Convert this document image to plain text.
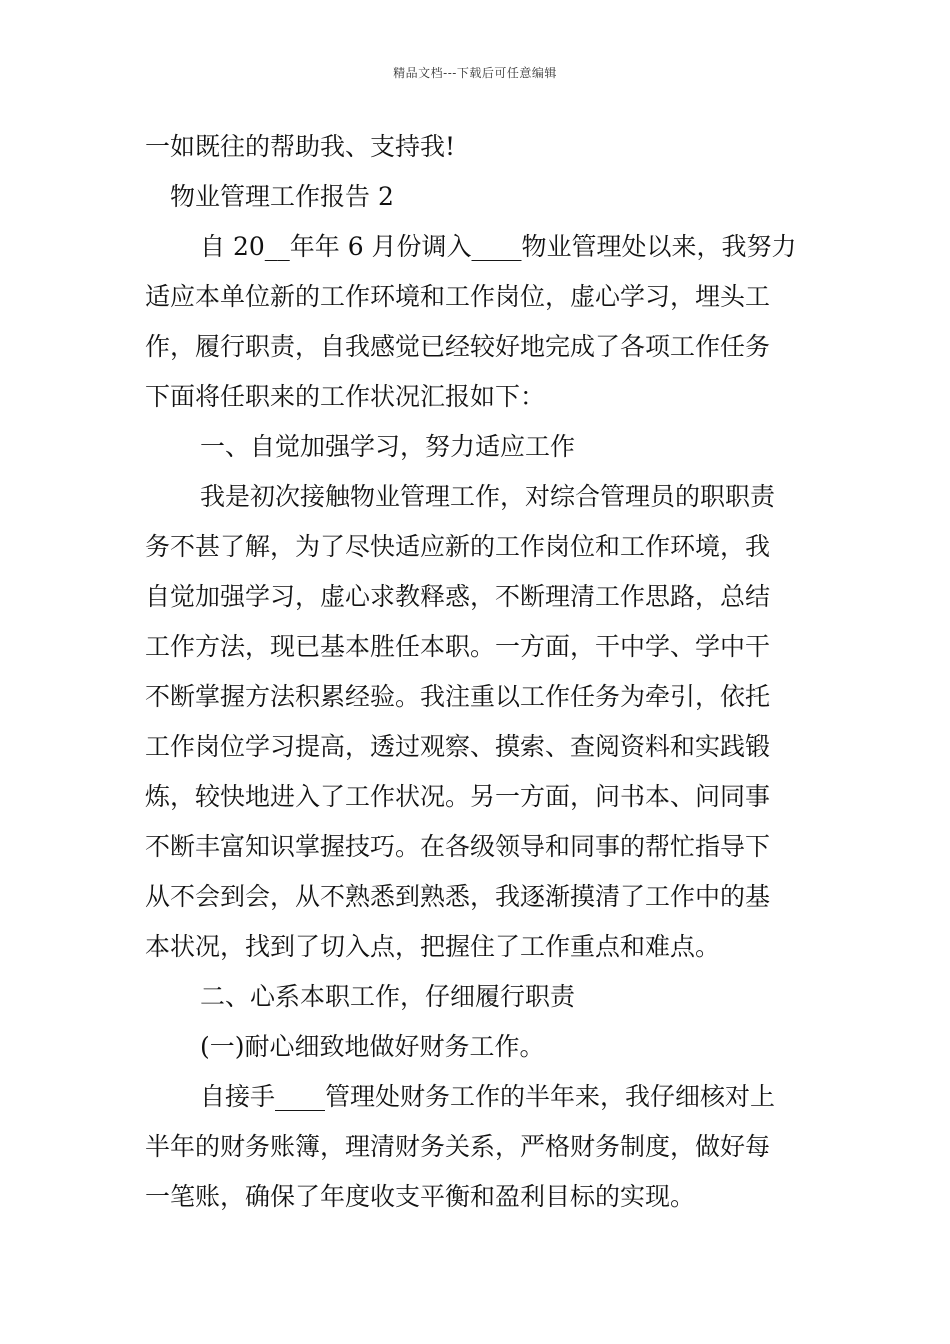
精品文档---下载后可任意编辑
一如既往的帮助我、支持我!
物业管理工作报告 2
自 20__年年 6 月份调入____物业管理处以来，我努力
适应本单位新的工作环境和工作岗位，虚心学习，埋头工
作，履行职责，自我感觉已经较好地完成了各项工作任务
下面将任职来的工作状况汇报如下：
一、自觉加强学习，努力适应工作
我是初次接触物业管理工作，对综合管理员的职职责
务不甚了解，为了尽快适应新的工作岗位和工作环境，我
自觉加强学习，虚心求教释惑，不断理清工作思路，总结
工作方法，现已基本胜任本职。一方面，干中学、学中干
不断掌握方法积累经验。我注重以工作任务为牵引，依托
工作岗位学习提高，透过观察、摸索、查阅资料和实践锻
炼，较快地进入了工作状况。另一方面，问书本、问同事
不断丰富知识掌握技巧。在各级领导和同事的帮忙指导下
从不会到会，从不熟悉到熟悉，我逐渐摸清了工作中的基
本状况，找到了切入点，把握住了工作重点和难点。
二、心系本职工作，仔细履行职责
(一)耐心细致地做好财务工作。
自接手____管理处财务工作的半年来，我仔细核对上
半年的财务账簿，理清财务关系，严格财务制度，做好每
一笔账，确保了年度收支平衡和盈利目标的实现。
